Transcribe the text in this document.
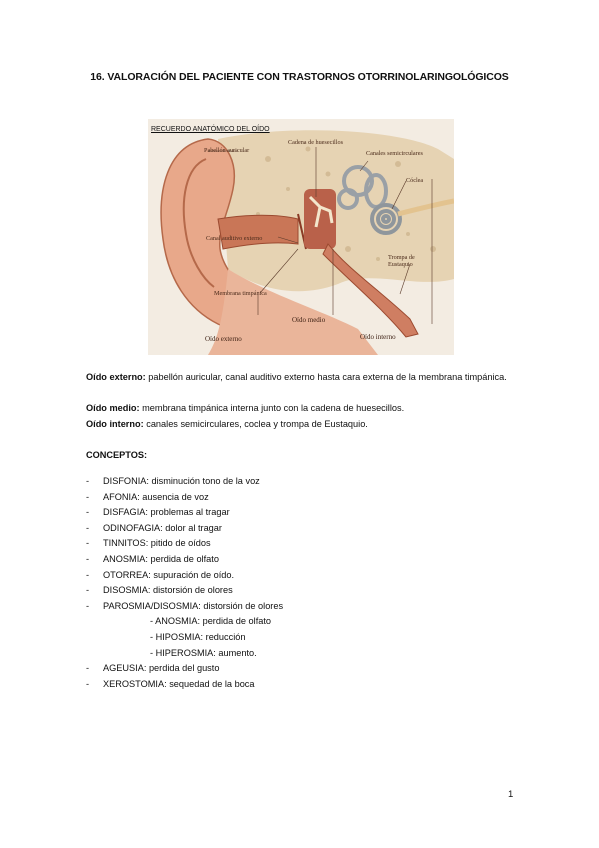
16. VALORACIÓN DEL PACIENTE CON TRASTORNOS OTORRINOLARINGOLÓGICOS
RECUERDO ANATÓMICO DEL OÍDO
Pabellón auricular
Cadena de huesecillos
Canales semicirculares
Cóclea
Canal auditivo externo
Trompa de Eustaquio
Membrana timpánica
Oído medio
Oído externo	Oído interno
Oído externo: pabellón auricular, canal auditivo externo hasta cara externa de la membrana timpánica.
Oído medio: membrana timpánica interna junto con la cadena de huesecillos.
Oído interno: canales semicirculares, coclea y trompa de Eustaquio.
CONCEPTOS:
- DISFONIA: disminución tono de la voz
- AFONIA: ausencia de voz
- DISFAGIA: problemas al tragar
- ODINOFAGIA: dolor al tragar
- TINNITOS: pitido de oídos
- ANOSMIA: perdida de olfato
- OTORREA: supuración de oído.
- DISOSMIA: distorsión de olores
- PAROSMIA/DISOSMIA: distorsión de olores
- ANOSMIA: perdida de olfato
- HIPOSMIA: reducción
- HIPEROSMIA: aumento.
- AGEUSIA: perdida del gusto
- XEROSTOMIA: sequedad de la boca
1
